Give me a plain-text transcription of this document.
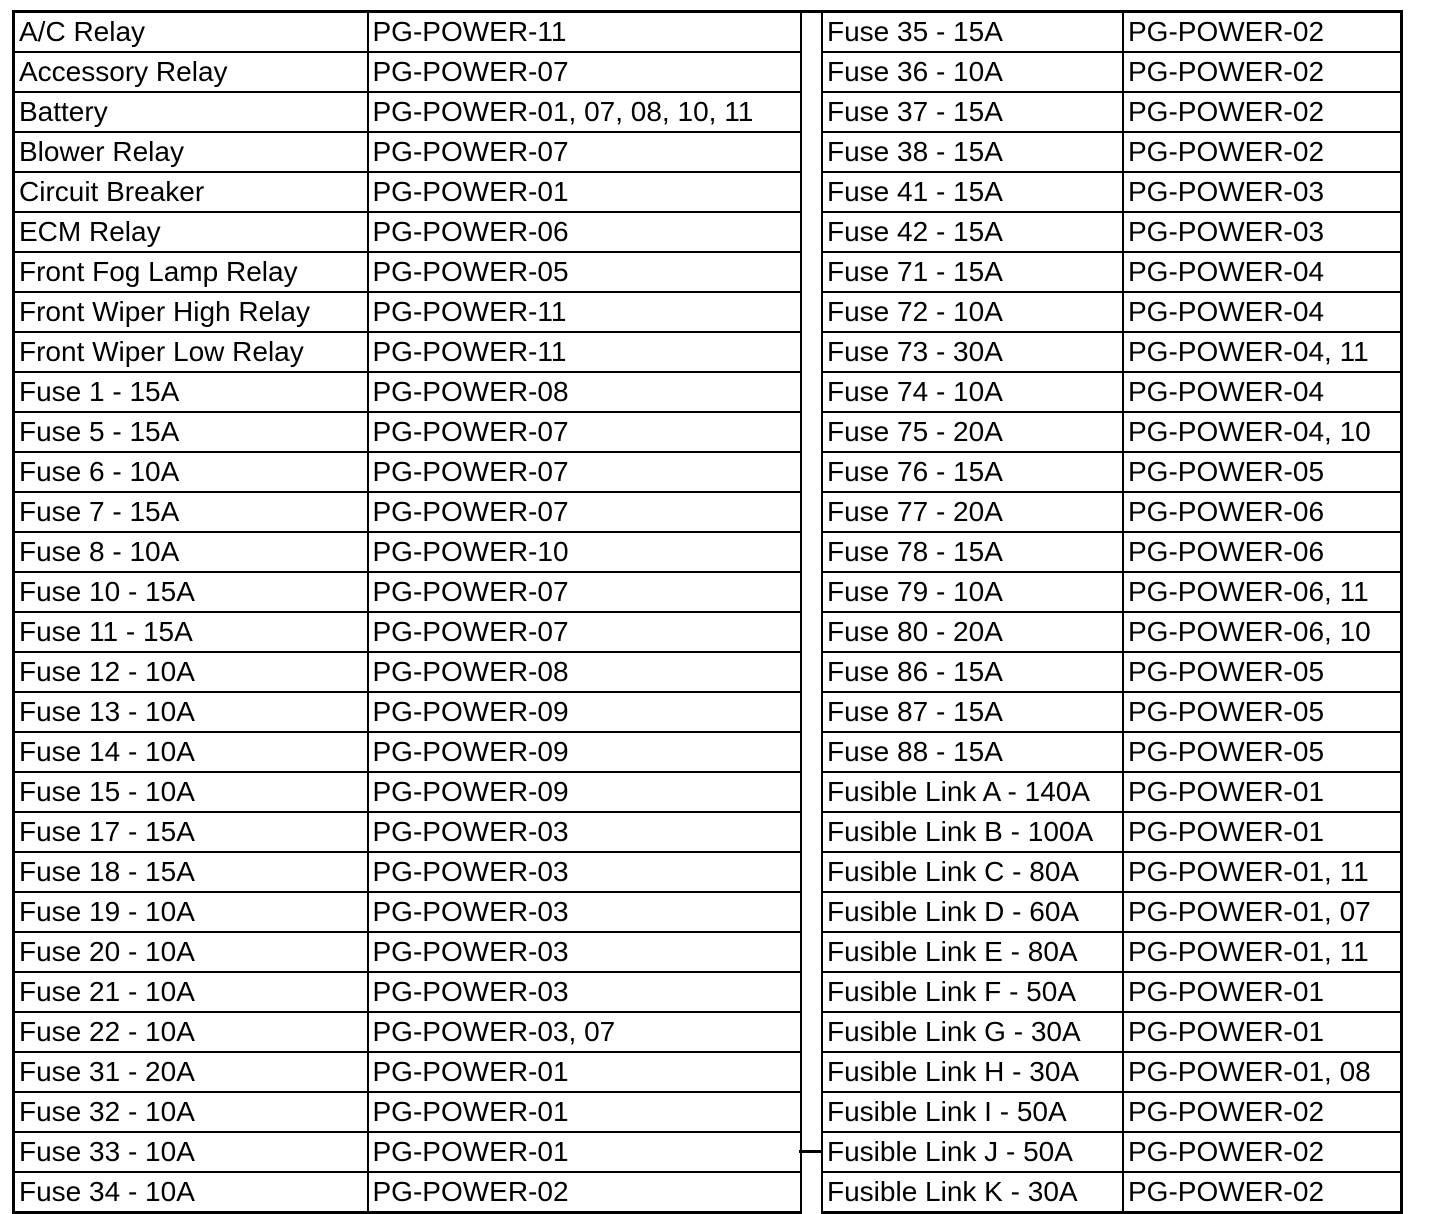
A/C Relay	PG-POWER-11
Accessory Relay	PG-POWER-07
Battery	PG-POWER-01, 07, 08, 10, 11
Blower Relay	PG-POWER-07
Circuit Breaker	PG-POWER-01
ECM Relay	PG-POWER-06
Front Fog Lamp Relay	PG-POWER-05
Front Wiper High Relay	PG-POWER-11
Front Wiper Low Relay	PG-POWER-11
Fuse 1 - 15A	PG-POWER-08
Fuse 5 - 15A	PG-POWER-07
Fuse 6 - 10A	PG-POWER-07
Fuse 7 - 15A	PG-POWER-07
Fuse 8 - 10A	PG-POWER-10
Fuse 10 - 15A	PG-POWER-07
Fuse 11 - 15A	PG-POWER-07
Fuse 12 - 10A	PG-POWER-08
Fuse 13 - 10A	PG-POWER-09
Fuse 14 - 10A	PG-POWER-09
Fuse 15 - 10A	PG-POWER-09
Fuse 17 - 15A	PG-POWER-03
Fuse 18 - 15A	PG-POWER-03
Fuse 19 - 10A	PG-POWER-03
Fuse 20 - 10A	PG-POWER-03
Fuse 21 - 10A	PG-POWER-03
Fuse 22 - 10A	PG-POWER-03, 07
Fuse 31 - 20A	PG-POWER-01
Fuse 32 - 10A	PG-POWER-01
Fuse 33 - 10A	PG-POWER-01
Fuse 34 - 10A	PG-POWER-02
Fuse 35 - 15A	PG-POWER-02
Fuse 36 - 10A	PG-POWER-02
Fuse 37 - 15A	PG-POWER-02
Fuse 38 - 15A	PG-POWER-02
Fuse 41 - 15A	PG-POWER-03
Fuse 42 - 15A	PG-POWER-03
Fuse 71 - 15A	PG-POWER-04
Fuse 72 - 10A	PG-POWER-04
Fuse 73 - 30A	PG-POWER-04, 11
Fuse 74 - 10A	PG-POWER-04
Fuse 75 - 20A	PG-POWER-04, 10
Fuse 76 - 15A	PG-POWER-05
Fuse 77 - 20A	PG-POWER-06
Fuse 78 - 15A	PG-POWER-06
Fuse 79 - 10A	PG-POWER-06, 11
Fuse 80 - 20A	PG-POWER-06, 10
Fuse 86 - 15A	PG-POWER-05
Fuse 87 - 15A	PG-POWER-05
Fuse 88 - 15A	PG-POWER-05
Fusible Link A - 140A	PG-POWER-01
Fusible Link B - 100A	PG-POWER-01
Fusible Link C - 80A	PG-POWER-01, 11
Fusible Link D - 60A	PG-POWER-01, 07
Fusible Link E - 80A	PG-POWER-01, 11
Fusible Link F - 50A	PG-POWER-01
Fusible Link G - 30A	PG-POWER-01
Fusible Link H - 30A	PG-POWER-01, 08
Fusible Link I - 50A	PG-POWER-02
Fusible Link J - 50A	PG-POWER-02
Fusible Link K - 30A	PG-POWER-02
